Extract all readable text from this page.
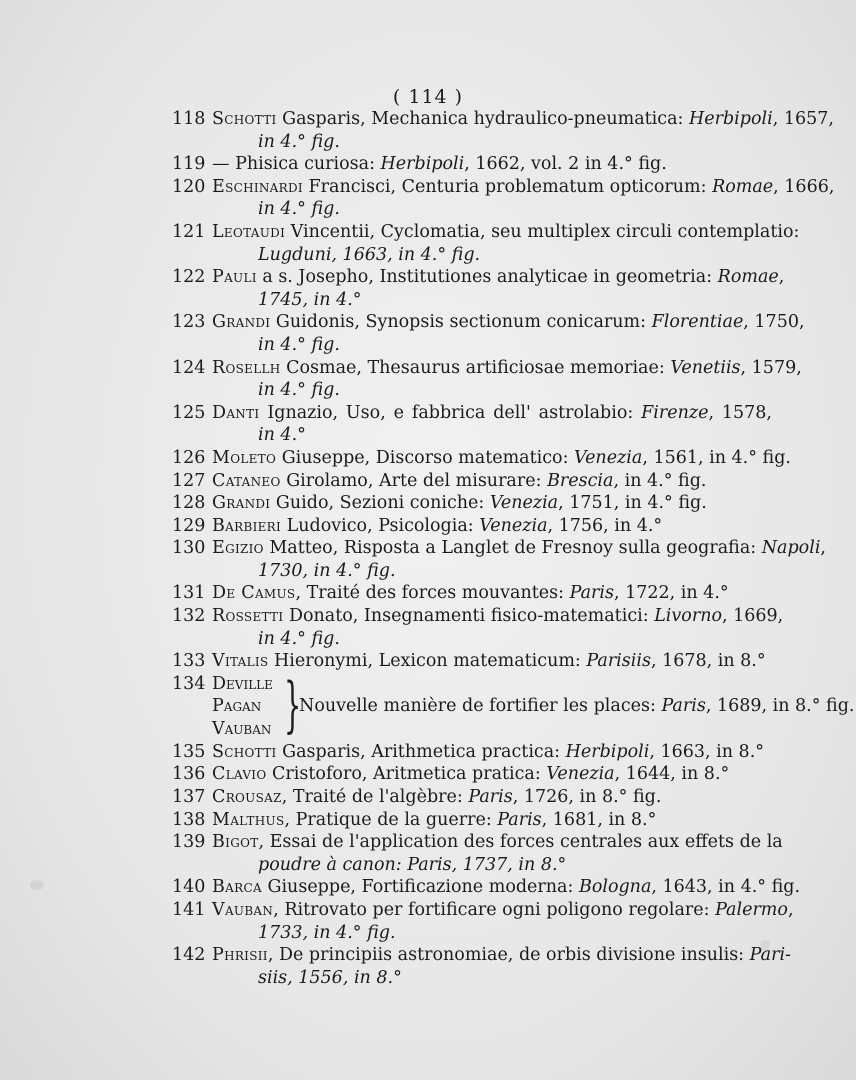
( 114 )
118 Schotti Gasparis, Mechanica hydraulico-pneumatica: Herbipoli, 1657,
in 4.° fig.
119 — Phisica curiosa: Herbipoli, 1662, vol. 2 in 4.° fig.
120 Eschinardi Francisci, Centuria problematum opticorum: Romae, 1666,
in 4.° fig.
121 Leotaudi Vincentii, Cyclomatia, seu multiplex circuli contemplatio:
Lugduni, 1663, in 4.° fig.
122 Pauli a s. Josepho, Institutiones analyticae in geometria: Romae,
1745, in 4.°
123 Grandi Guidonis, Synopsis sectionum conicarum: Florentiae, 1750,
in 4.° fig.
124 Rosellh Cosmae, Thesaurus artificiosae memoriae: Venetiis, 1579,
in 4.° fig.
125 Danti Ignazio, Uso, e fabbrica dell' astrolabio: Firenze, 1578,
in 4.°
126 Moleto Giuseppe, Discorso matematico: Venezia, 1561, in 4.° fig.
127 Cataneo Girolamo, Arte del misurare: Brescia, in 4.° fig.
128 Grandi Guido, Sezioni coniche: Venezia, 1751, in 4.° fig.
129 Barbieri Ludovico, Psicologia: Venezia, 1756, in 4.°
130 Egizio Matteo, Risposta a Langlet de Fresnoy sulla geografia: Napoli,
1730, in 4.° fig.
131 De Camus, Traité des forces mouvantes: Paris, 1722, in 4.°
132 Rossetti Donato, Insegnamenti fisico-matematici: Livorno, 1669,
in 4.° fig.
133 Vitalis Hieronymi, Lexicon matematicum: Parisiis, 1678, in 8.°
134 Deville
Pagan
Vauban }
Nouvelle manière de fortifier les places: Paris, 1689, in 8.° fig.
135 Schotti Gasparis, Arithmetica practica: Herbipoli, 1663, in 8.°
136 Clavio Cristoforo, Aritmetica pratica: Venezia, 1644, in 8.°
137 Crousaz, Traité de l'algèbre: Paris, 1726, in 8.° fig.
138 Malthus, Pratique de la guerre: Paris, 1681, in 8.°
139 Bigot, Essai de l'application des forces centrales aux effets de la
poudre à canon: Paris, 1737, in 8.°
140 Barca Giuseppe, Fortificazione moderna: Bologna, 1643, in 4.° fig.
141 Vauban, Ritrovato per fortificare ogni poligono regolare: Palermo,
1733, in 4.° fig.
142 Phrisii, De principiis astronomiae, de orbis divisione insulis: Pari-
siis, 1556, in 8.°
